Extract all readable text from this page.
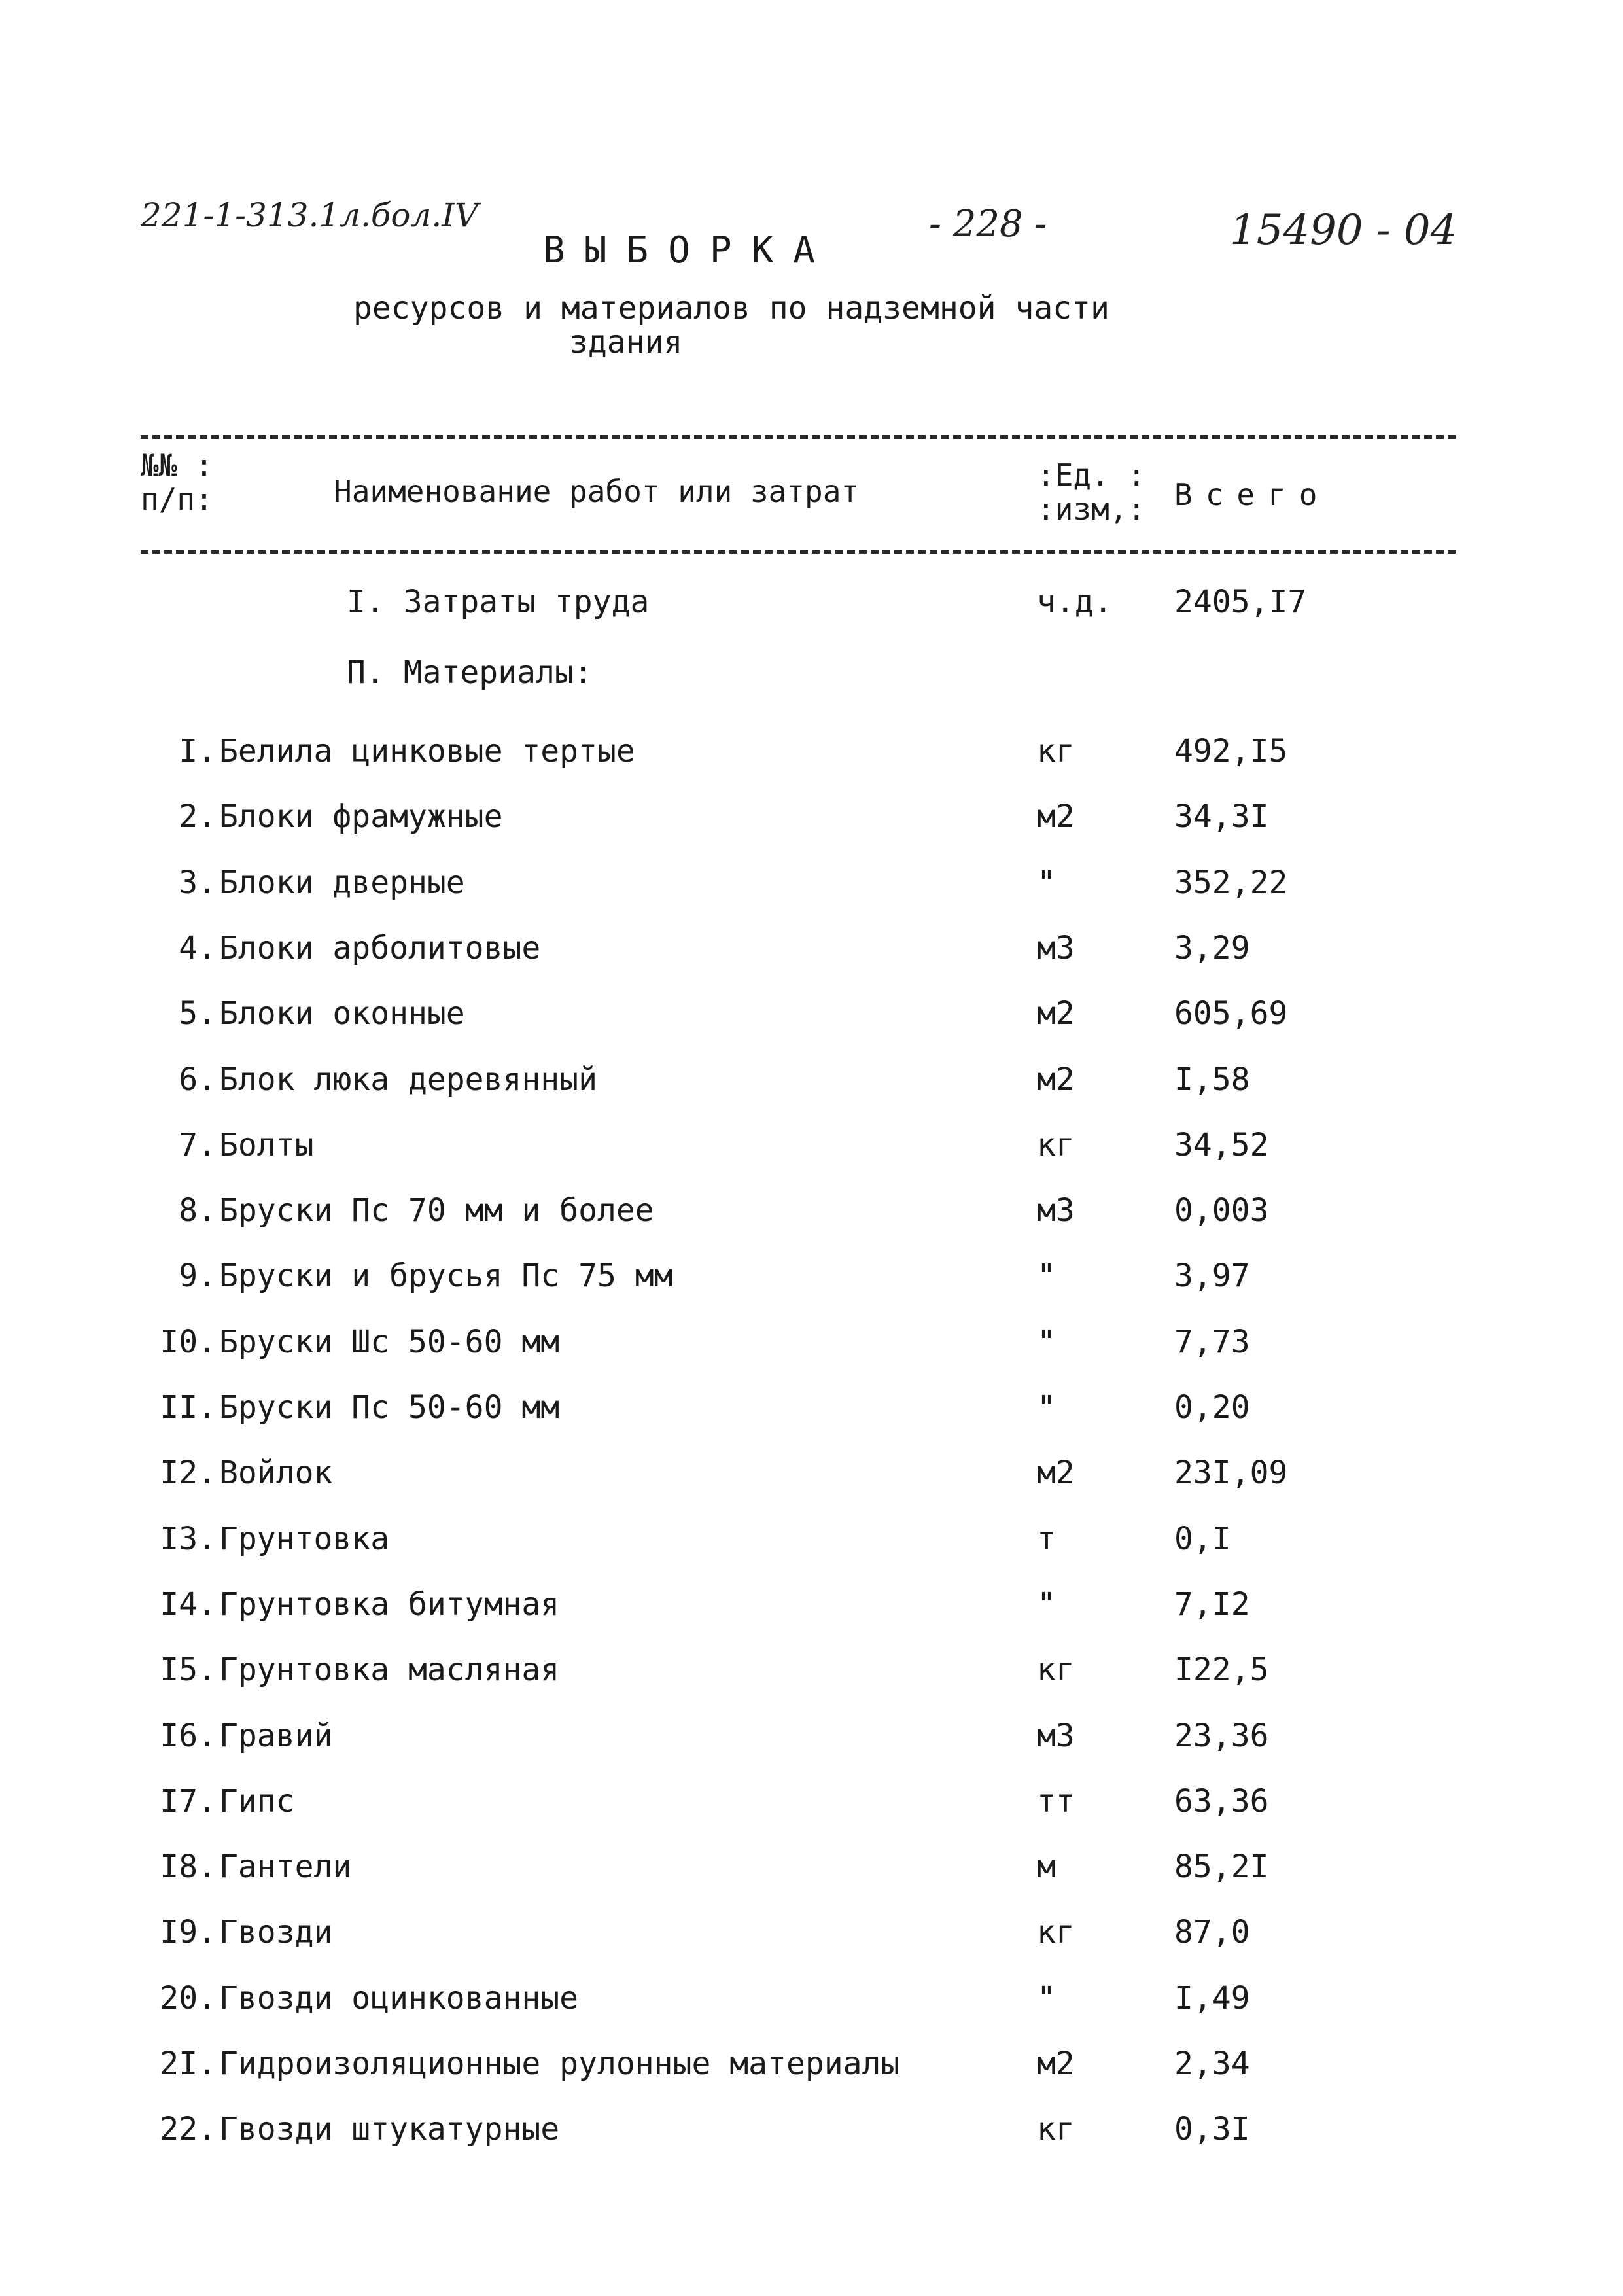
221-1-313.1л.бол.IV	- 228 -	15490 - 04
ВЫБОРКА
ресурсов и материалов по надземной части
здания
№№ :
п/п:	Наименование работ или затрат	:Ед. :
:изм,: Всего
I. Затраты труда	ч.д. 2405,I7
П. Материалы:
I. Белила цинковые тертые	кг	492,I5
2. Блоки фрамужные	м2	34,3I
3. Блоки дверные	"	352,22
4. Блоки арболитовые	м3	3,29
5. Блоки оконные	м2	605,69
6. Блок люка деревянный	м2	I,58
7. Болты	кг	34,52
8. Бруски Пс 70 мм и более	м3	0,003
9. Бруски и брусья Пс 75 мм	"	3,97
I0. Бруски Шс 50-60 мм	"	7,73
II. Бруски Пс 50-60 мм	"	0,20
I2. Войлок	м2	23I,09
I3. Грунтовка	т	0,I
I4. Грунтовка битумная	"	7,I2
I5. Грунтовка масляная	кг	I22,5
I6. Гравий	м3	23,36
I7. Гипс	тт	63,36
I8. Гантели	м	85,2I
I9. Гвозди	кг	87,0
20. Гвозди оцинкованные	"	I,49
2I. Гидроизоляционные рулонные материалы	м2	2,34
22. Гвозди штукатурные	кг	0,3I
